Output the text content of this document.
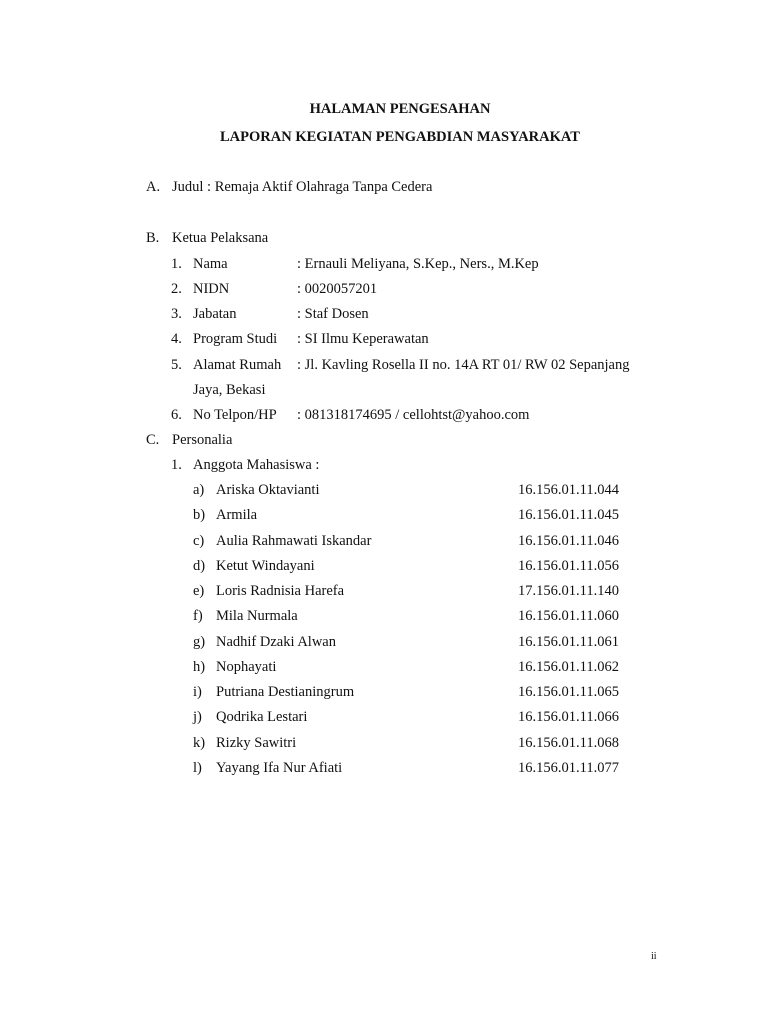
HALAMAN PENGESAHAN
LAPORAN KEGIATAN PENGABDIAN MASYARAKAT
A. Judul : Remaja Aktif Olahraga Tanpa Cedera
B. Ketua Pelaksana
1. Nama	: Ernauli Meliyana, S.Kep., Ners., M.Kep
2. NIDN	: 0020057201
3. Jabatan	: Staf Dosen
4. Program Studi : SI Ilmu Keperawatan
5. Alamat Rumah : Jl. Kavling Rosella II no. 14A RT 01/ RW 02 Sepanjang
Jaya, Bekasi
6. No Telpon/HP : 081318174695 / cellohtst@yahoo.com
C. Personalia
1. Anggota Mahasiswa :
a) Ariska Oktavianti	16.156.01.11.044
b) Armila	16.156.01.11.045
c) Aulia Rahmawati Iskandar	16.156.01.11.046
d) Ketut Windayani	16.156.01.11.056
e) Loris Radnisia Harefa	17.156.01.11.140
f) Mila Nurmala	16.156.01.11.060
g) Nadhif Dzaki Alwan	16.156.01.11.061
h) Nophayati	16.156.01.11.062
i) Putriana Destianingrum	16.156.01.11.065
j) Qodrika Lestari	16.156.01.11.066
k) Rizky Sawitri	16.156.01.11.068
l) Yayang Ifa Nur Afiati	16.156.01.11.077
ii
